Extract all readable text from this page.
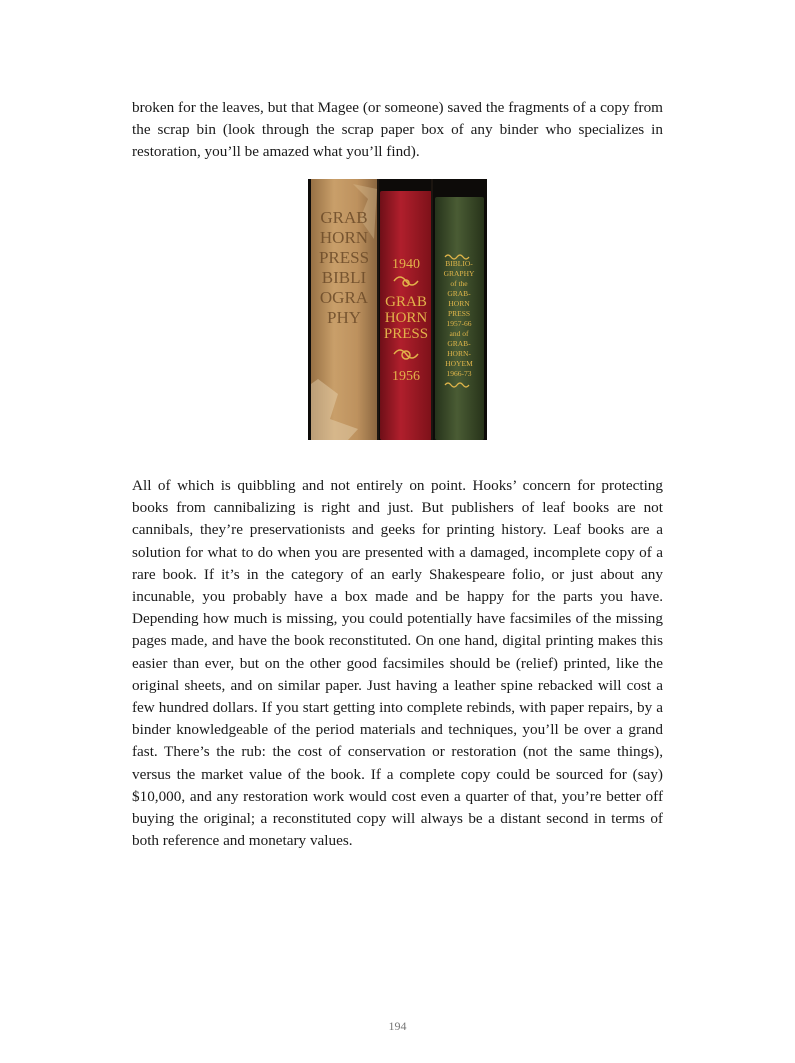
broken for the leaves, but that Magee (or someone) saved the fragments of a copy from the scrap bin (look through the scrap paper box of any binder who specializes in restoration, you’ll be amazed what you’ll find).

GRAB
HORN
PRESS
BIBLI
OGRA
PHY
1940
GRAB
HORN
PRESS
1956
BIBLIO-
GRAPHY
of the
GRAB-
HORN
PRESS
1957-66
and of
GRAB-
HORN-
HOYEM
1966-73

All of which is quibbling and not entirely on point. Hooks’ concern for protecting books from cannibalizing is right and just. But publishers of leaf books are not cannibals, they’re preservationists and geeks for printing history. Leaf books are a solution for what to do when you are presented with a damaged, incomplete copy of a rare book. If it’s in the category of an early Shakespeare folio, or just about any incunable, you probably have a box made and be happy for the parts you have. Depending how much is missing, you could potentially have facsimiles of the missing pages made, and have the book reconstituted. On one hand, digital printing makes this easier than ever, but on the other good facsimiles should be (relief) printed, like the original sheets, and on similar paper. Just having a leather spine rebacked will cost a few hundred dollars. If you start getting into complete rebinds, with paper repairs, by a binder knowledgeable of the period materials and techniques, you’ll be over a grand fast. There’s the rub: the cost of conservation or restoration (not the same things), versus the market value of the book. If a complete copy could be sourced for (say) $10,000, and any restoration work would cost even a quarter of that, you’re better off buying the original; a reconstituted copy will always be a distant second in terms of both reference and monetary values.

194
